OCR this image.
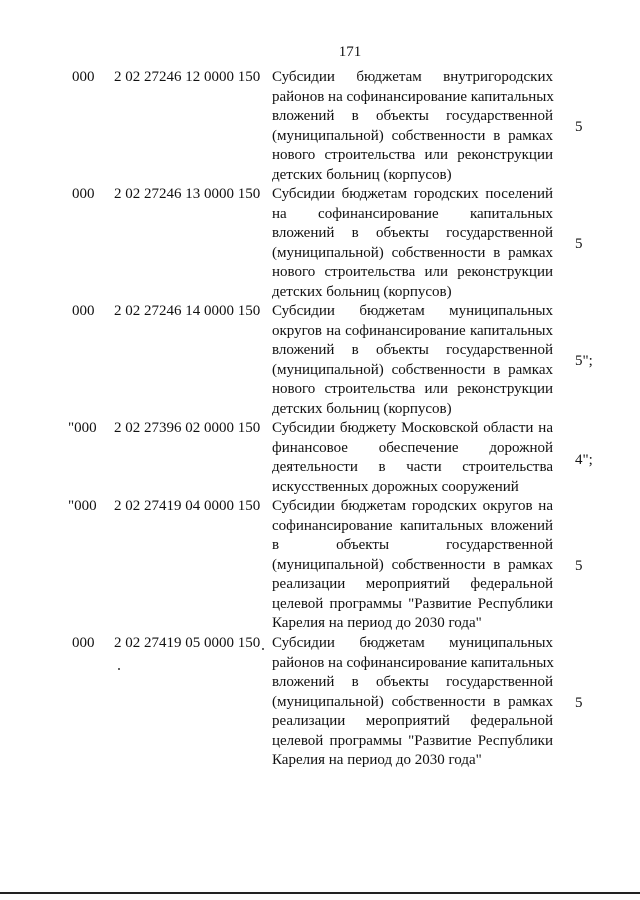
171
000 2 02 27246 12 0000 150 Субсидии бюджетам внутригородских
районов на софинансирование капитальных
вложений в объекты государственной
(муниципальной) собственности в рамках
нового строительства или реконструкции
детских больниц (корпусов)
5
000 2 02 27246 13 0000 150 Субсидии бюджетам городских поселений
на софинансирование капитальных
вложений в объекты государственной
(муниципальной) собственности в рамках
нового строительства или реконструкции
детских больниц (корпусов)
5
000 2 02 27246 14 0000 150 Субсидии бюджетам муниципальных
округов на софинансирование капитальных
вложений в объекты государственной
(муниципальной) собственности в рамках
нового строительства или реконструкции
детских больниц (корпусов)
5";
"000 2 02 27396 02 0000 150 Субсидии бюджету Московской области на
финансовое обеспечение дорожной
деятельности в части строительства
искусственных дорожных сооружений
4";
"000 2 02 27419 04 0000 150 Субсидии бюджетам городских округов на
софинансирование капитальных вложений
в объекты государственной
(муниципальной) собственности в рамках
реализации мероприятий федеральной
целевой программы "Развитие Республики
Карелия на период до 2030 года"
5
000 2 02 27419 05 0000 150 Субсидии бюджетам муниципальных
районов на софинансирование капитальных
вложений в объекты государственной
(муниципальной) собственности в рамках
реализации мероприятий федеральной
целевой программы "Развитие Республики
Карелия на период до 2030 года"
5
